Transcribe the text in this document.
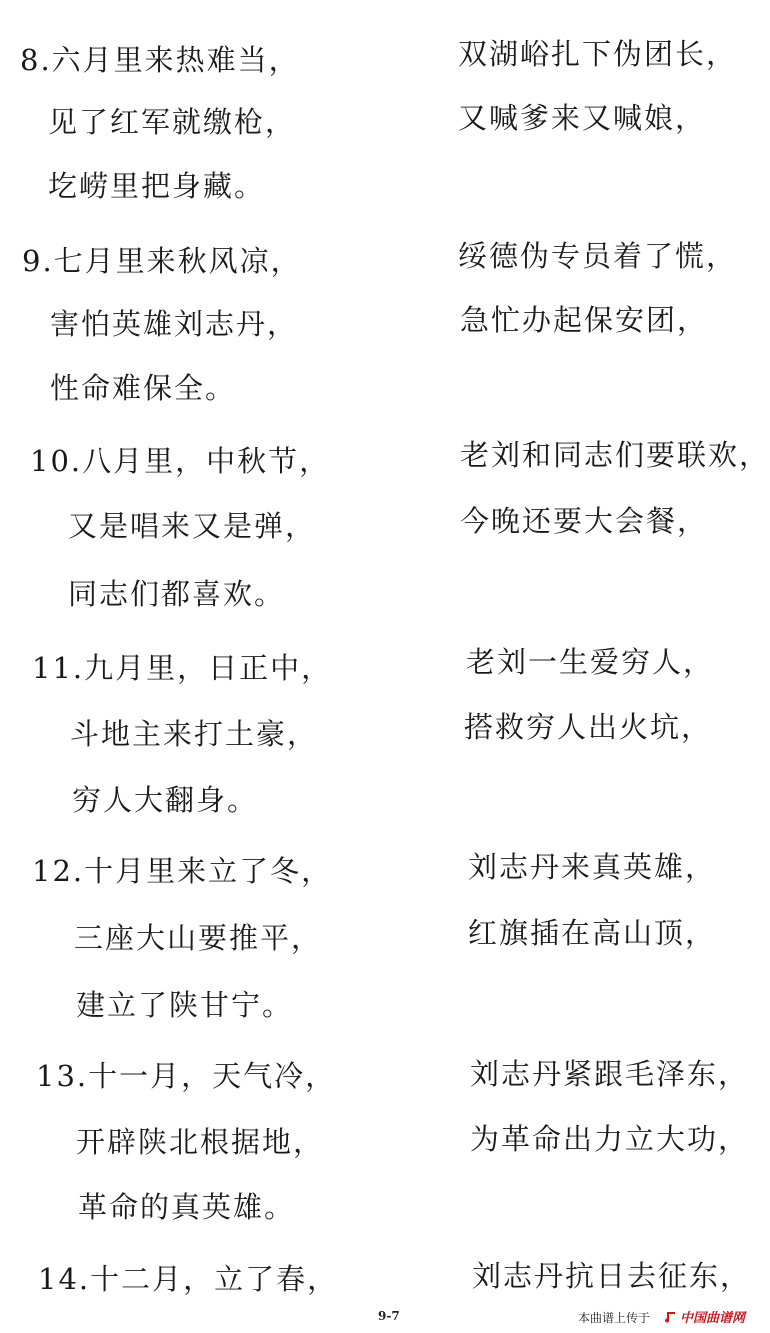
8.六月里来热难当，
见了红军就缴枪，
圪崂里把身藏。
9.七月里来秋风凉，
害怕英雄刘志丹，
性命难保全。
10.八月里，中秋节，
又是唱来又是弹，
同志们都喜欢。
11.九月里，日正中，
斗地主来打土豪，
穷人大翻身。
12.十月里来立了冬，
三座大山要推平，
建立了陕甘宁。
13.十一月，天气冷，
开辟陕北根据地，
革命的真英雄。
14.十二月，立了春，
双湖峪扎下伪团长，
又喊爹来又喊娘，
绥德伪专员着了慌，
急忙办起保安团，
老刘和同志们要联欢，
今晚还要大会餐，
老刘一生爱穷人，
搭救穷人出火坑，
刘志丹来真英雄，
红旗插在高山顶，
刘志丹紧跟毛泽东，
为革命出力立大功，
刘志丹抗日去征东，
9-7	本曲谱上传于 中国曲谱网
